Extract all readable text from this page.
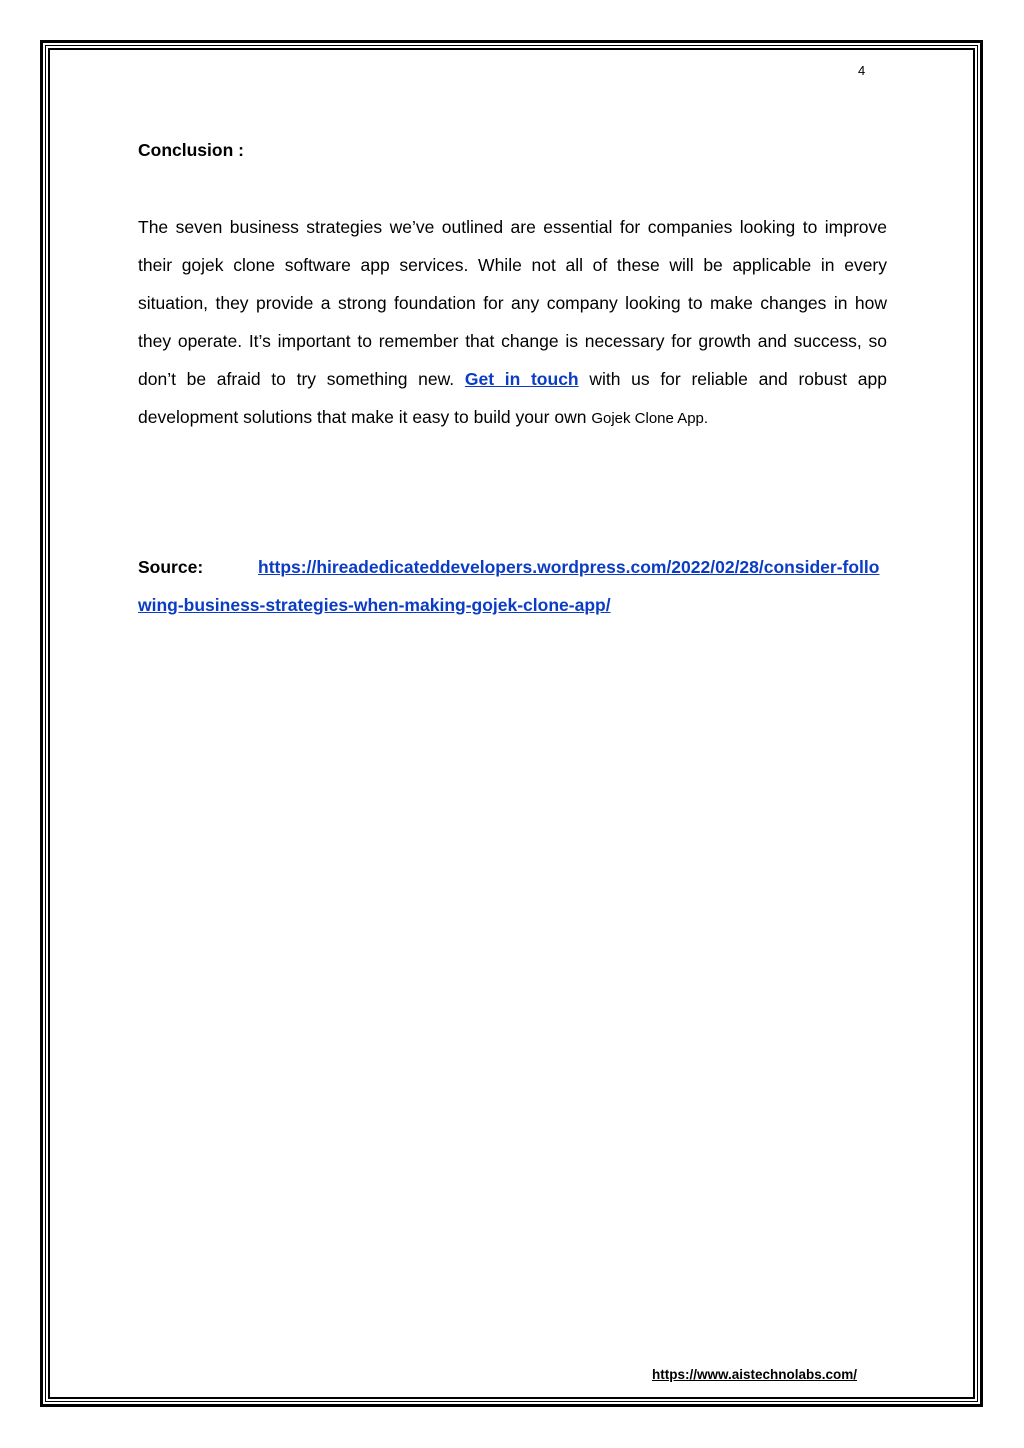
4
Conclusion :
The seven business strategies we’ve outlined are essential for companies looking to improve their gojek clone software app services. While not all of these will be applicable in every situation, they provide a strong foundation for any company looking to make changes in how they operate. It’s important to remember that change is necessary for growth and success, so don’t be afraid to try something new. Get in touch with us for reliable and robust app development solutions that make it easy to build your own Gojek Clone App.
Source:	https://hireadedicateddevelopers.wordpress.com/2022/02/28/consider-following-business-strategies-when-making-gojek-clone-app/
https://www.aistechnolabs.com/
